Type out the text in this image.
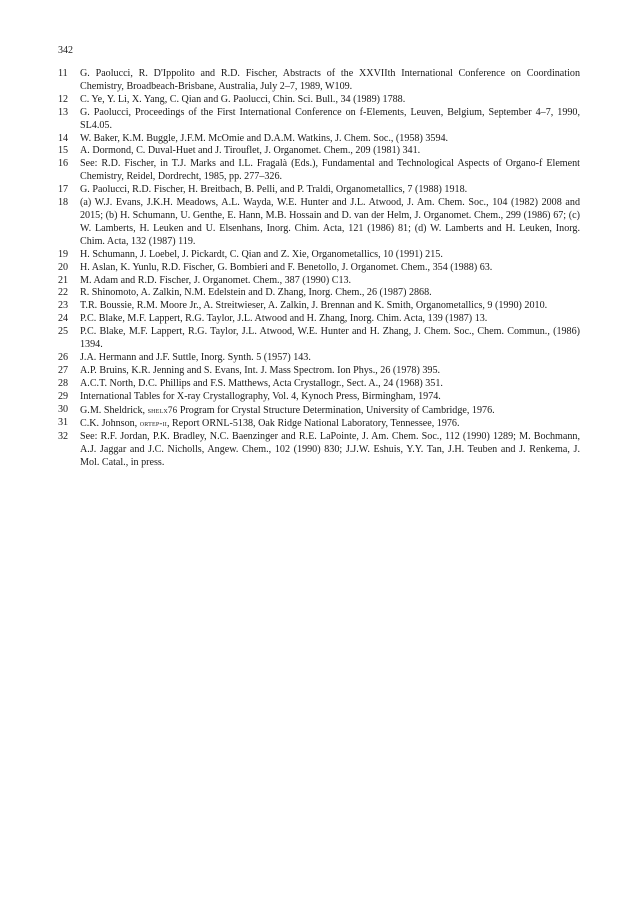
342
11	G. Paolucci, R. D'Ippolito and R.D. Fischer, Abstracts of the XXVIIth International Conference on Coordination Chemistry, Broadbeach-Brisbane, Australia, July 2–7, 1989, W109.
12	C. Ye, Y. Li, X. Yang, C. Qian and G. Paolucci, Chin. Sci. Bull., 34 (1989) 1788.
13	G. Paolucci, Proceedings of the First International Conference on f-Elements, Leuven, Belgium, September 4–7, 1990, SL4.05.
14	W. Baker, K.M. Buggle, J.F.M. McOmie and D.A.M. Watkins, J. Chem. Soc., (1958) 3594.
15	A. Dormond, C. Duval-Huet and J. Tirouflet, J. Organomet. Chem., 209 (1981) 341.
16	See: R.D. Fischer, in T.J. Marks and I.L. Fragalà (Eds.), Fundamental and Technological Aspects of Organo-f Element Chemistry, Reidel, Dordrecht, 1985, pp. 277–326.
17	G. Paolucci, R.D. Fischer, H. Breitbach, B. Pelli, and P. Traldi, Organometallics, 7 (1988) 1918.
18	(a) W.J. Evans, J.K.H. Meadows, A.L. Wayda, W.E. Hunter and J.L. Atwood, J. Am. Chem. Soc., 104 (1982) 2008 and 2015; (b) H. Schumann, U. Genthe, E. Hann, M.B. Hossain and D. van der Helm, J. Organomet. Chem., 299 (1986) 67; (c) W. Lamberts, H. Leuken and U. Elsenhans, Inorg. Chim. Acta, 121 (1986) 81; (d) W. Lamberts and H. Leuken, Inorg. Chim. Acta, 132 (1987) 119.
19	H. Schumann, J. Loebel, J. Pickardt, C. Qian and Z. Xie, Organometallics, 10 (1991) 215.
20	H. Aslan, K. Yunlu, R.D. Fischer, G. Bombieri and F. Benetollo, J. Organomet. Chem., 354 (1988) 63.
21	M. Adam and R.D. Fischer, J. Organomet. Chem., 387 (1990) C13.
22	R. Shinomoto, A. Zalkin, N.M. Edelstein and D. Zhang, Inorg. Chem., 26 (1987) 2868.
23	T.R. Boussie, R.M. Moore Jr., A. Streitwieser, A. Zalkin, J. Brennan and K. Smith, Organometallics, 9 (1990) 2010.
24	P.C. Blake, M.F. Lappert, R.G. Taylor, J.L. Atwood and H. Zhang, Inorg. Chim. Acta, 139 (1987) 13.
25	P.C. Blake, M.F. Lappert, R.G. Taylor, J.L. Atwood, W.E. Hunter and H. Zhang, J. Chem. Soc., Chem. Commun., (1986) 1394.
26	J.A. Hermann and J.F. Suttle, Inorg. Synth. 5 (1957) 143.
27	A.P. Bruins, K.R. Jenning and S. Evans, Int. J. Mass Spectrom. Ion Phys., 26 (1978) 395.
28	A.C.T. North, D.C. Phillips and F.S. Matthews, Acta Crystallogr., Sect. A., 24 (1968) 351.
29	International Tables for X-ray Crystallography, Vol. 4, Kynoch Press, Birmingham, 1974.
30	G.M. Sheldrick, shelx76 Program for Crystal Structure Determination, University of Cambridge, 1976.
31	C.K. Johnson, ortep-ii, Report ORNL-5138, Oak Ridge National Laboratory, Tennessee, 1976.
32	See: R.F. Jordan, P.K. Bradley, N.C. Baenzinger and R.E. LaPointe, J. Am. Chem. Soc., 112 (1990) 1289; M. Bochmann, A.J. Jaggar and J.C. Nicholls, Angew. Chem., 102 (1990) 830; J.J.W. Eshuis, Y.Y. Tan, J.H. Teuben and J. Renkema, J. Mol. Catal., in press.
